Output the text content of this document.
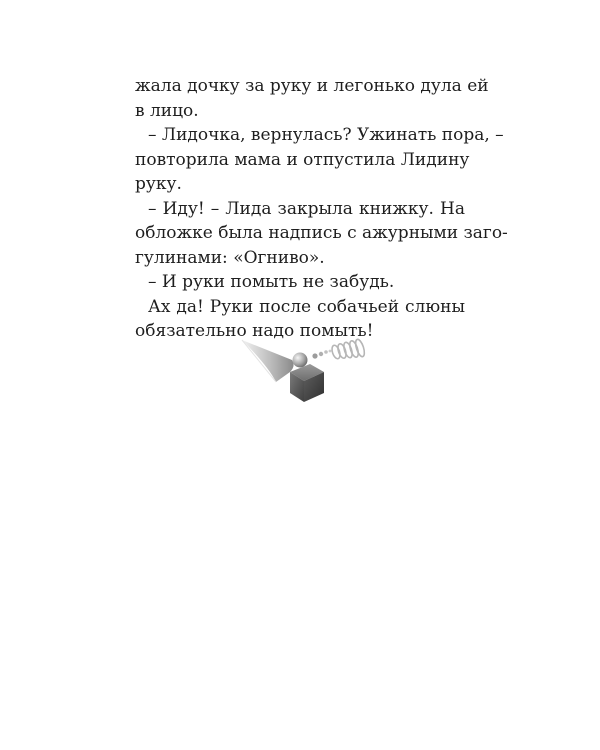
жала дочку за руку и легонько дула ей
в лицо.
– Лидочка, вернулась? Ужинать пора, –
повторила мама и отпустила Лидину
руку.
– Иду! – Лида закрыла книжку. На
обложке была надпись с ажурными заго-
гулинами: «Огниво».
– И руки помыть не забудь.
Ах да! Руки после собачьей слюны
обязательно надо помыть!
